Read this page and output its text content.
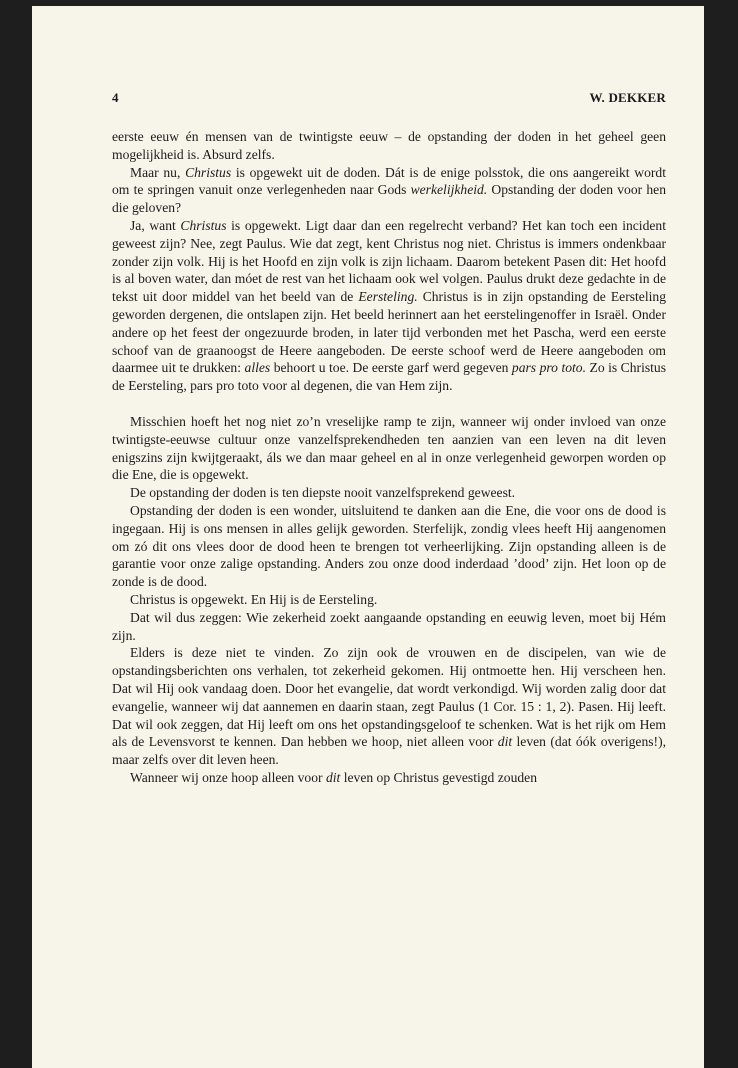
4	W. DEKKER

eerste eeuw én mensen van de twintigste eeuw – de opstanding der doden in het geheel geen mogelijkheid is. Absurd zelfs.

Maar nu, Christus is opgewekt uit de doden. Dát is de enige polsstok, die ons aangereikt wordt om te springen vanuit onze verlegenheden naar Gods werkelijkheid. Opstanding der doden voor hen die geloven?

Ja, want Christus is opgewekt. Ligt daar dan een regelrecht verband? Het kan toch een incident geweest zijn? Nee, zegt Paulus. Wie dat zegt, kent Christus nog niet. Christus is immers ondenkbaar zonder zijn volk. Hij is het Hoofd en zijn volk is zijn lichaam. Daarom betekent Pasen dit: Het hoofd is al boven water, dan móet de rest van het lichaam ook wel volgen. Paulus drukt deze gedachte in de tekst uit door middel van het beeld van de Eersteling. Christus is in zijn opstanding de Eersteling geworden dergenen, die ontslapen zijn. Het beeld herinnert aan het eerstelingenoffer in Israël. Onder andere op het feest der ongezuurde broden, in later tijd verbonden met het Pascha, werd een eerste schoof van de graanoogst de Heere aangeboden. De eerste schoof werd de Heere aangeboden om daarmee uit te drukken: alles behoort u toe. De eerste garf werd gegeven pars pro toto. Zo is Christus de Eersteling, pars pro toto voor al degenen, die van Hem zijn.

Misschien hoeft het nog niet zo’n vreselijke ramp te zijn, wanneer wij onder invloed van onze twintigste-eeuwse cultuur onze vanzelfsprekendheden ten aanzien van een leven na dit leven enigszins zijn kwijtgeraakt, áls we dan maar geheel en al in onze verlegenheid geworpen worden op die Ene, die is opgewekt.

De opstanding der doden is ten diepste nooit vanzelfsprekend geweest.

Opstanding der doden is een wonder, uitsluitend te danken aan die Ene, die voor ons de dood is ingegaan. Hij is ons mensen in alles gelijk geworden. Sterfelijk, zondig vlees heeft Hij aangenomen om zó dit ons vlees door de dood heen te brengen tot verheerlijking. Zijn opstanding alleen is de garantie voor onze zalige opstanding. Anders zou onze dood inderdaad ’dood’ zijn. Het loon op de zonde is de dood.

Christus is opgewekt. En Hij is de Eersteling.

Dat wil dus zeggen: Wie zekerheid zoekt aangaande opstanding en eeuwig leven, moet bij Hém zijn.

Elders is deze niet te vinden. Zo zijn ook de vrouwen en de discipelen, van wie de opstandingsberichten ons verhalen, tot zekerheid gekomen. Hij ontmoette hen. Hij verscheen hen. Dat wil Hij ook vandaag doen. Door het evangelie, dat wordt verkondigd. Wij worden zalig door dat evangelie, wanneer wij dat aannemen en daarin staan, zegt Paulus (1 Cor. 15 : 1, 2). Pasen. Hij leeft. Dat wil ook zeggen, dat Hij leeft om ons het opstandingsgeloof te schenken. Wat is het rijk om Hem als de Levensvorst te kennen. Dan hebben we hoop, niet alleen voor dit leven (dat óók overigens!), maar zelfs over dit leven heen.

Wanneer wij onze hoop alleen voor dit leven op Christus gevestigd zouden
